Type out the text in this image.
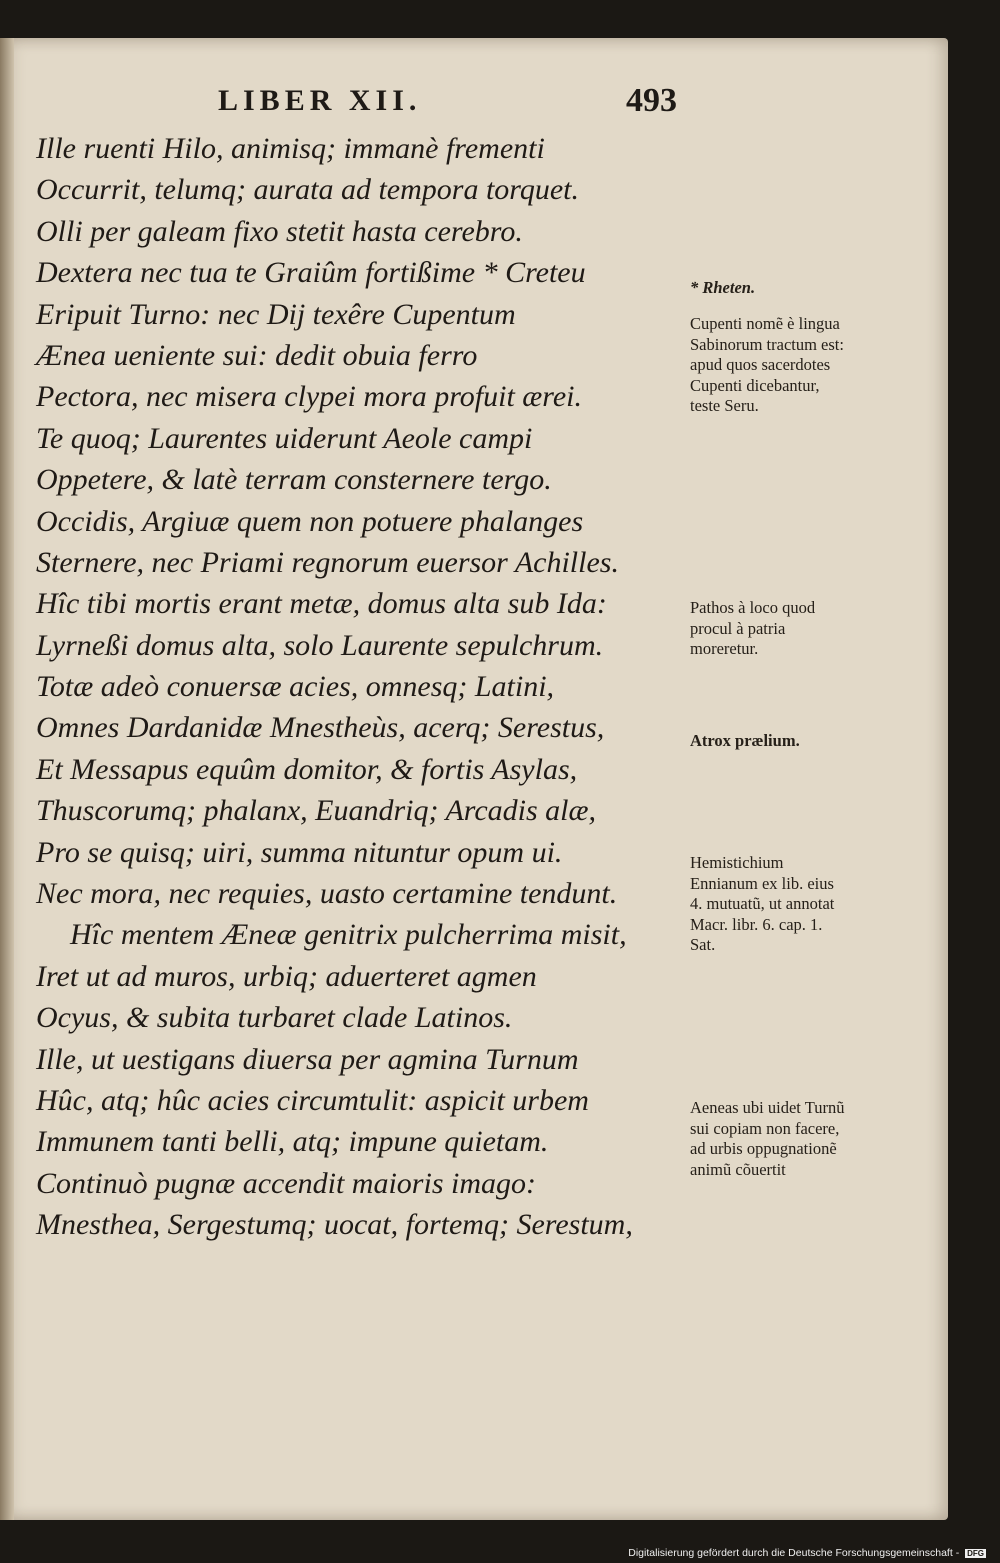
LIBER XII.	493
Ille ruenti Hilo, animisq; immanè frementi
Occurrit, telumq; aurata ad tempora torquet.
Olli per galeam fixo stetit hasta cerebro.
Dextera nec tua te Graiûm fortißime * Creteu
Eripuit Turno: nec Dij texêre Cupentum
Ænea ueniente sui: dedit obuia ferro
Pectora, nec misera clypei mora profuit ærei.
Te quoq; Laurentes uiderunt Aeole campi
Oppetere, & latè terram consternere tergo.
Occidis, Argiuæ quem non potuere phalanges
Sternere, nec Priami regnorum euersor Achilles.
Hîc tibi mortis erant metæ, domus alta sub Ida:
Lyrneßi domus alta, solo Laurente sepulchrum.
Totæ adeò conuersæ acies, omnesq; Latini,
Omnes Dardanidæ Mnestheùs, acerq; Serestus,
Et Messapus equûm domitor, & fortis Asylas,
Thuscorumq; phalanx, Euandriq; Arcadis alæ,
Pro se quisq; uiri, summa nituntur opum ui.
Nec mora, nec requies, uasto certamine tendunt.
Hîc mentem Æneæ genitrix pulcherrima misit,
Iret ut ad muros, urbiq; aduerteret agmen
Ocyus, & subita turbaret clade Latinos.
Ille, ut uestigans diuersa per agmina Turnum
Hûc, atq; hûc acies circumtulit: aspicit urbem
Immunem tanti belli, atq; impune quietam.
Continuò pugnæ accendit maioris imago:
Mnesthea, Sergestumq; uocat, fortemq; Serestum,
* Rheten.
Cupenti nomẽ è lingua Sabinorum tractum est: apud quos sacerdotes Cupenti dicebantur, teste Seru.
Pathos à loco quod procul à patria moreretur.
Atrox prælium.
Hemistichium Ennianum ex lib. eius 4. mutuatũ, ut annotat Macr. libr. 6. cap. 1. Sat.
Aeneas ubi uidet Turnũ sui copiam non facere, ad urbis oppugnationẽ animũ cõuertit
Digitalisierung gefördert durch die Deutsche Forschungsgemeinschaft - DFG
